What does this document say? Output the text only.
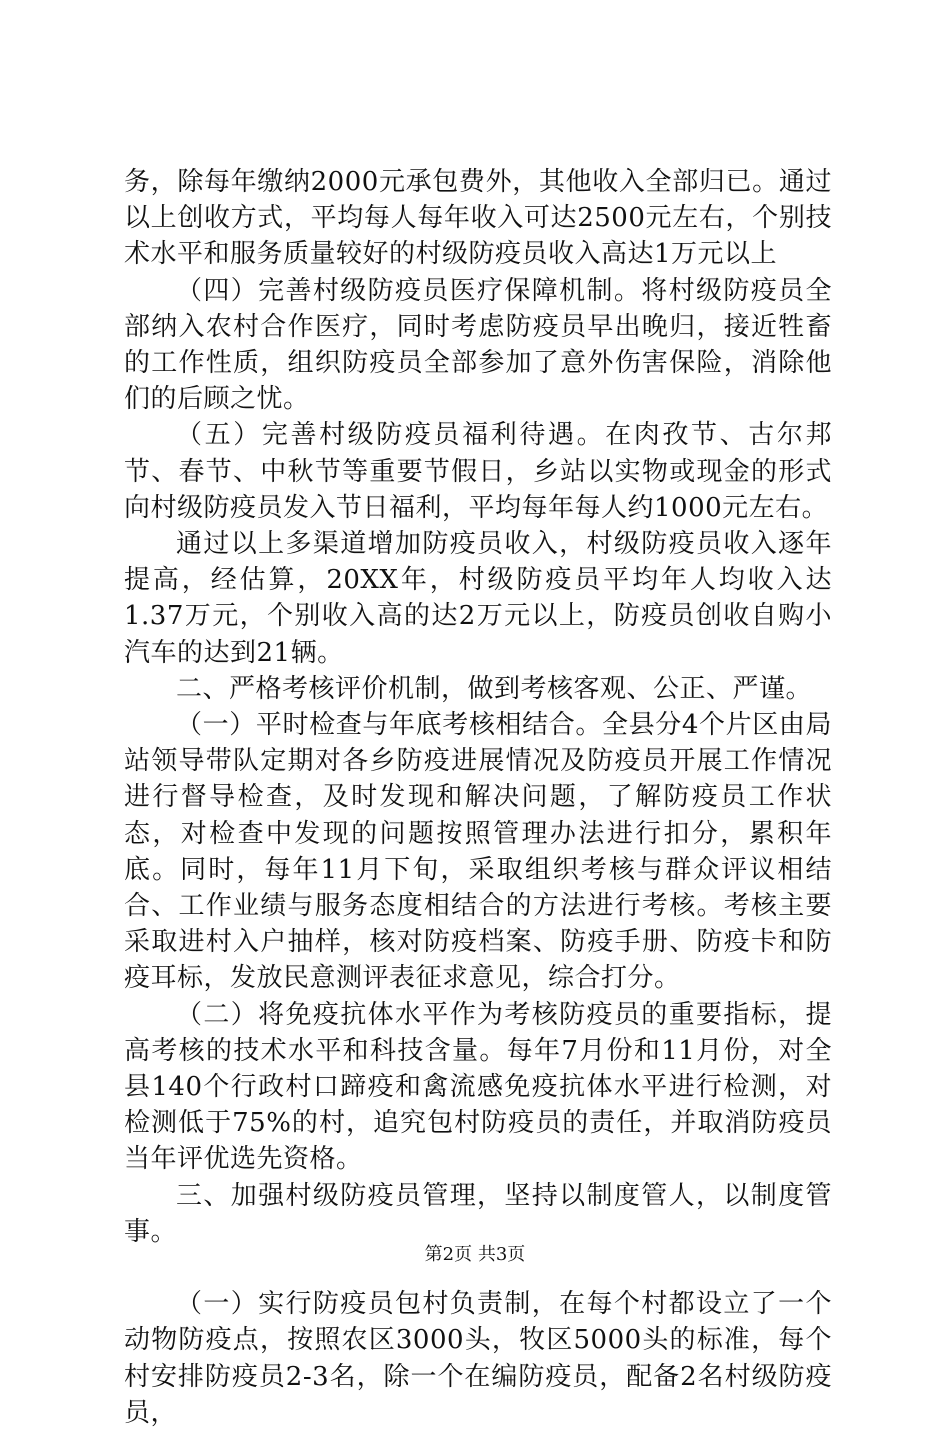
务，除每年缴纳2000元承包费外，其他收入全部归已。通过以上创收方式，平均每人每年收入可达2500元左右，个别技术水平和服务质量较好的村级防疫员收入高达1万元以上

（四）完善村级防疫员医疗保障机制。将村级防疫员全部纳入农村合作医疗，同时考虑防疫员早出晚归，接近牲畜的工作性质，组织防疫员全部参加了意外伤害保险，消除他们的后顾之忧。

（五）完善村级防疫员福利待遇。在肉孜节、古尔邦节、春节、中秋节等重要节假日，乡站以实物或现金的形式向村级防疫员发入节日福利，平均每年每人约1000元左右。

通过以上多渠道增加防疫员收入，村级防疫员收入逐年提高，经估算，20XX年，村级防疫员平均年人均收入达1.37万元，个别收入高的达2万元以上，防疫员创收自购小汽车的达到21辆。

二、严格考核评价机制，做到考核客观、公正、严谨。

（一）平时检查与年底考核相结合。全县分4个片区由局站领导带队定期对各乡防疫进展情况及防疫员开展工作情况进行督导检查，及时发现和解决问题，了解防疫员工作状态，对检查中发现的问题按照管理办法进行扣分，累积年底。同时，每年11月下旬，采取组织考核与群众评议相结合、工作业绩与服务态度相结合的方法进行考核。考核主要采取进村入户抽样，核对防疫档案、防疫手册、防疫卡和防疫耳标，发放民意测评表征求意见，综合打分。

（二）将免疫抗体水平作为考核防疫员的重要指标，提高考核的技术水平和科技含量。每年7月份和11月份，对全县140个行政村口蹄疫和禽流感免疫抗体水平进行检测，对检测低于75%的村，追究包村防疫员的责任，并取消防疫员当年评优选先资格。

三、加强村级防疫员管理，坚持以制度管人，以制度管事。

（一）实行防疫员包村负责制，在每个村都设立了一个动物防疫点，按照农区3000头，牧区5000头的标准，每个村安排防疫员2-3名，除一个在编防疫员，配备2名村级防疫员，

第2页 共3页
